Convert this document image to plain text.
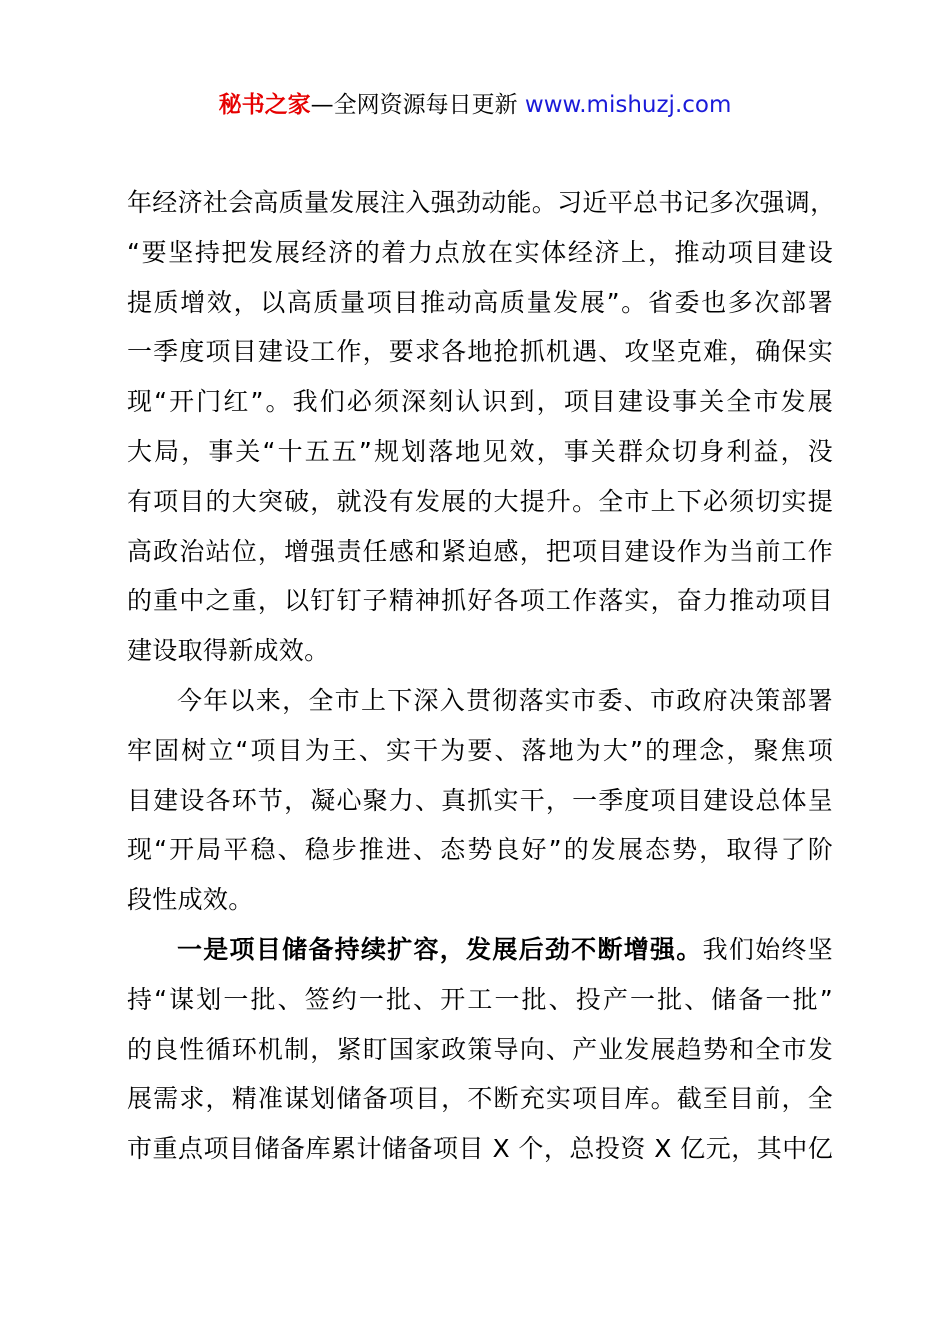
秘书之家—全网资源每日更新 www.mishuzj.com
年经济社会高质量发展注入强劲动能。习近平总书记多次强调，
“要坚持把发展经济的着力点放在实体经济上，推动项目建设
提质增效，以高质量项目推动高质量发展”。省委也多次部署
一季度项目建设工作，要求各地抢抓机遇、攻坚克难，确保实
现“开门红”。我们必须深刻认识到，项目建设事关全市发展
大局，事关“十五五”规划落地见效，事关群众切身利益，没
有项目的大突破，就没有发展的大提升。全市上下必须切实提
高政治站位，增强责任感和紧迫感，把项目建设作为当前工作
的重中之重，以钉钉子精神抓好各项工作落实，奋力推动项目
建设取得新成效。
今年以来，全市上下深入贯彻落实市委、市政府决策部署
牢固树立“项目为王、实干为要、落地为大”的理念，聚焦项
目建设各环节，凝心聚力、真抓实干，一季度项目建设总体呈
现“开局平稳、稳步推进、态势良好”的发展态势，取得了阶
段性成效。
一是项目储备持续扩容，发展后劲不断增强。我们始终坚
持“谋划一批、签约一批、开工一批、投产一批、储备一批”
的良性循环机制，紧盯国家政策导向、产业发展趋势和全市发
展需求，精准谋划储备项目，不断充实项目库。截至目前，全
市重点项目储备库累计储备项目 X 个，总投资 X 亿元，其中亿
